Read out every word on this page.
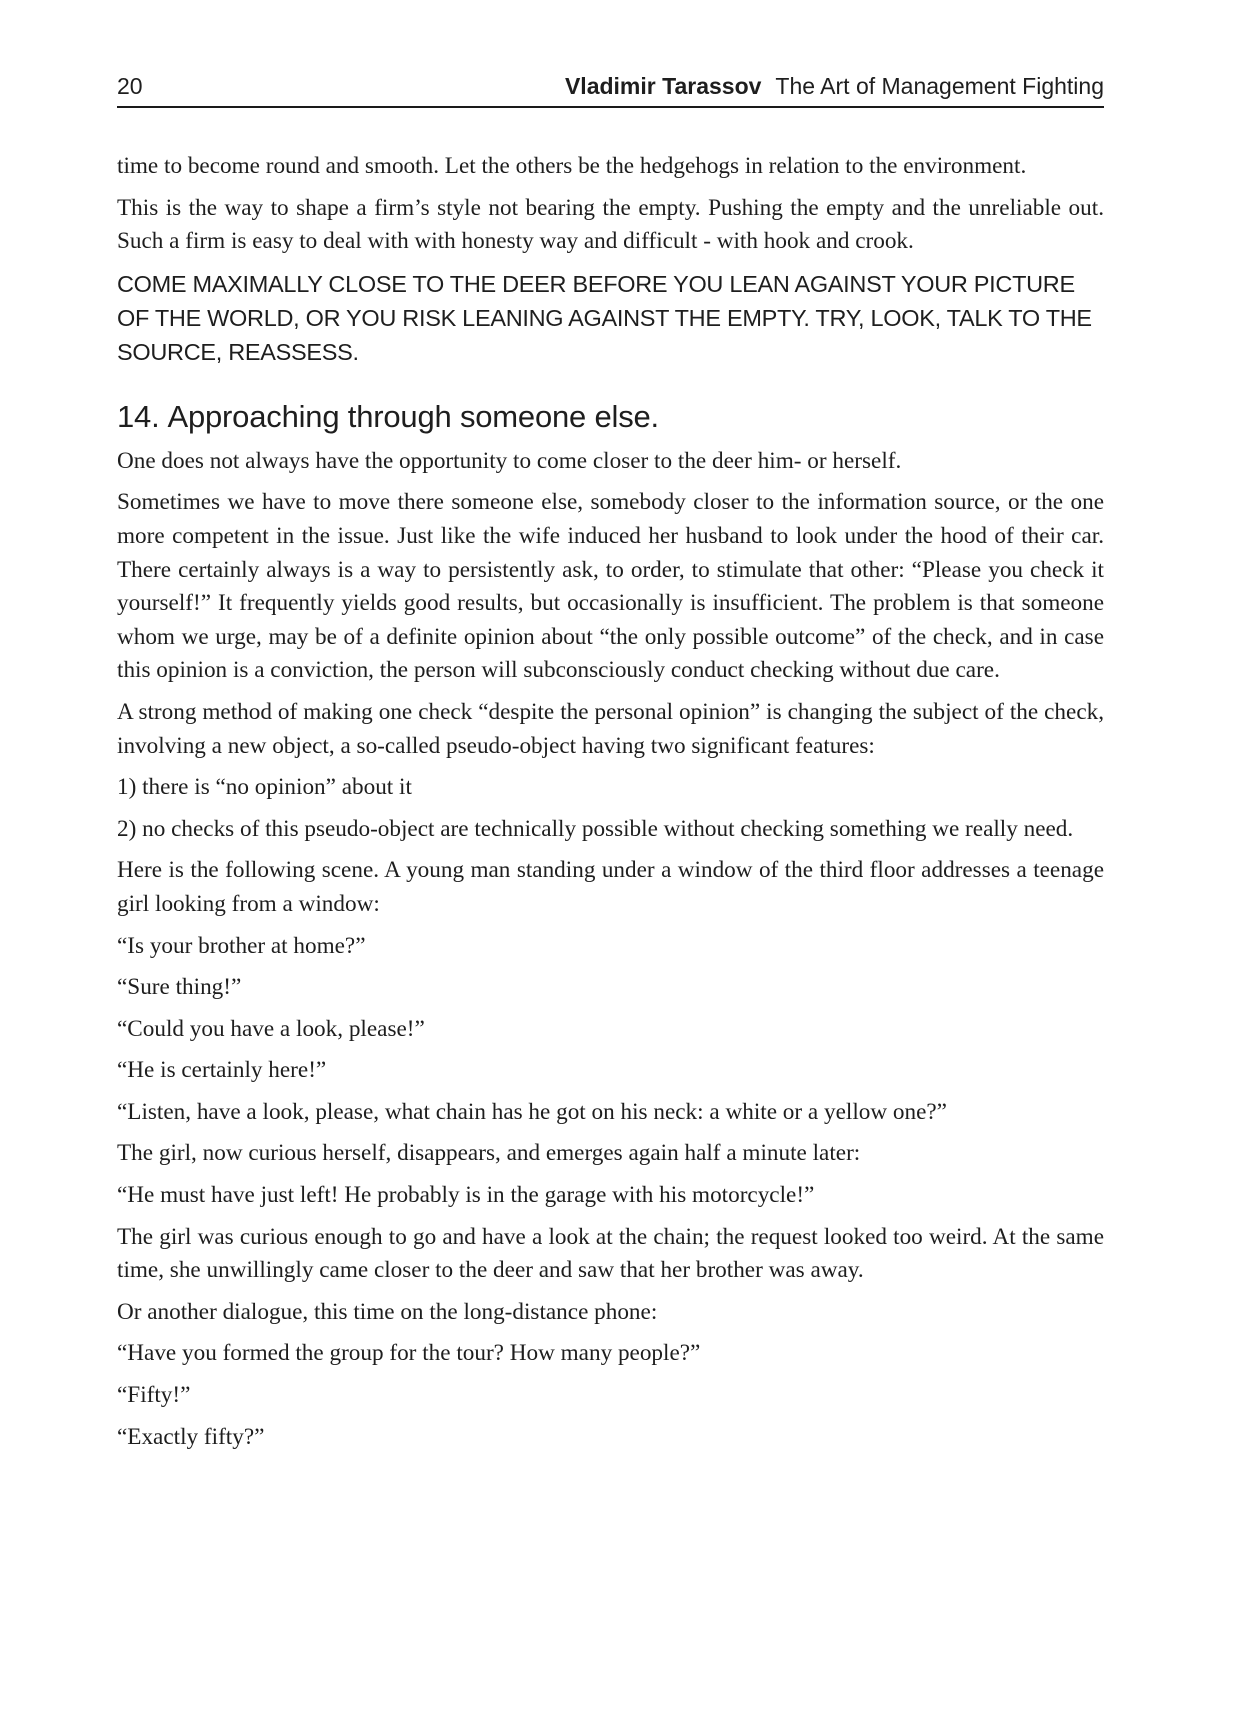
20	Vladimir Tarassov The Art of Management Fighting

time to become round and smooth. Let the others be the hedgehogs in relation to the environment.

This is the way to shape a firm’s style not bearing the empty. Pushing the empty and the unreliable out. Such a firm is easy to deal with with honesty way and difficult - with hook and crook.

COME MAXIMALLY CLOSE TO THE DEER BEFORE YOU LEAN AGAINST YOUR PICTURE OF THE WORLD, OR YOU RISK LEANING AGAINST THE EMPTY. TRY, LOOK, TALK TO THE SOURCE, REASSESS.

14. Approaching through someone else.

One does not always have the opportunity to come closer to the deer him- or herself.

Sometimes we have to move there someone else, somebody closer to the information source, or the one more competent in the issue. Just like the wife induced her husband to look under the hood of their car. There certainly always is a way to persistently ask, to order, to stimulate that other: “Please you check it yourself!” It frequently yields good results, but occasionally is insufficient. The problem is that someone whom we urge, may be of a definite opinion about “the only possible outcome” of the check, and in case this opinion is a conviction, the person will subconsciously conduct checking without due care.

A strong method of making one check “despite the personal opinion” is changing the subject of the check, involving a new object, a so-called pseudo-object having two significant features:

1) there is “no opinion” about it

2) no checks of this pseudo-object are technically possible without checking something we really need.

Here is the following scene. A young man standing under a window of the third floor addresses a teenage girl looking from a window:

“Is your brother at home?”

“Sure thing!”

“Could you have a look, please!”

“He is certainly here!”

“Listen, have a look, please, what chain has he got on his neck: a white or a yellow one?”

The girl, now curious herself, disappears, and emerges again half a minute later:

“He must have just left! He probably is in the garage with his motorcycle!”

The girl was curious enough to go and have a look at the chain; the request looked too weird. At the same time, she unwillingly came closer to the deer and saw that her brother was away.

Or another dialogue, this time on the long-distance phone:

“Have you formed the group for the tour? How many people?”

“Fifty!”

“Exactly fifty?”
